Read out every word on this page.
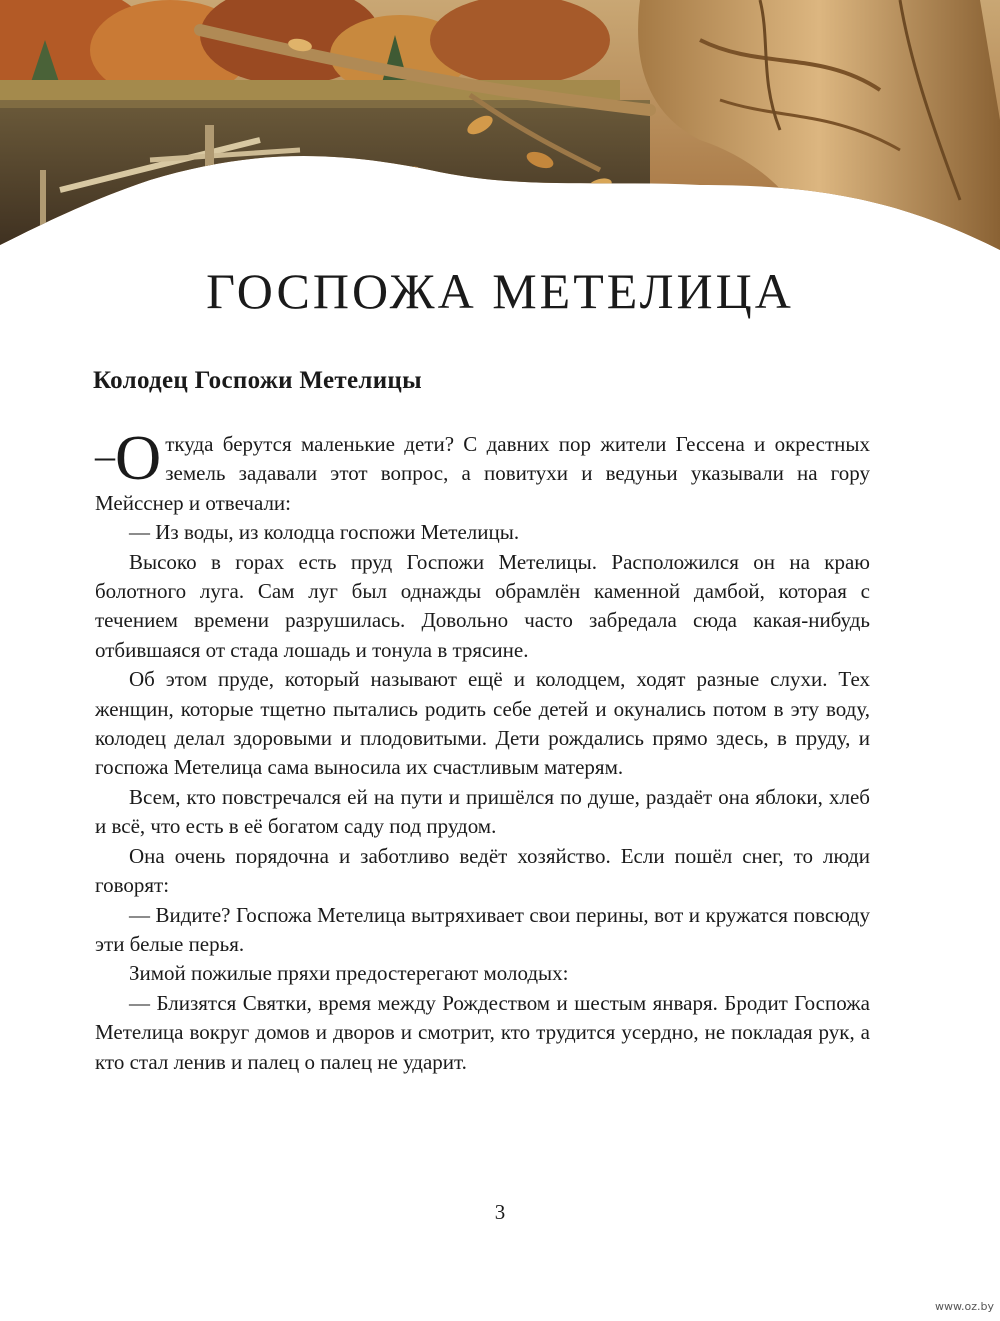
ГОСПОЖА МЕТЕЛИЦА
Колодец Госпожи Метелицы

– О ткуда берутся маленькие дети? С давних пор жители Гессена и окрестных земель задавали этот вопрос, а повитухи и ведуньи указывали на гору Мейсснер и отвечали:

— Из воды, из колодца госпожи Метелицы.

Высоко в горах есть пруд Госпожи Метелицы. Расположился он на краю болотного луга. Сам луг был однажды обрамлён каменной дамбой, которая с течением времени разрушилась. Довольно часто забредала сюда какая-нибудь отбившаяся от стада лошадь и тонула в трясине.

Об этом пруде, который называют ещё и колодцем, ходят разные слухи. Тех женщин, которые тщетно пытались родить себе детей и окунались потом в эту воду, колодец делал здоровыми и плодовитыми. Дети рождались прямо здесь, в пруду, и госпожа Метелица сама выносила их счастливым матерям.

Всем, кто повстречался ей на пути и пришёлся по душе, раздаёт она яблоки, хлеб и всё, что есть в её богатом саду под прудом.

Она очень порядочна и заботливо ведёт хозяйство. Если пошёл снег, то люди говорят:

— Видите? Госпожа Метелица вытряхивает свои перины, вот и кружатся повсюду эти белые перья.

Зимой пожилые пряхи предостерегают молодых:

— Близятся Святки, время между Рождеством и шестым января. Бродит Госпожа Метелица вокруг домов и дворов и смотрит, кто трудится усердно, не покладая рук, а кто стал ленив и палец о палец не ударит.

3
www.oz.by
